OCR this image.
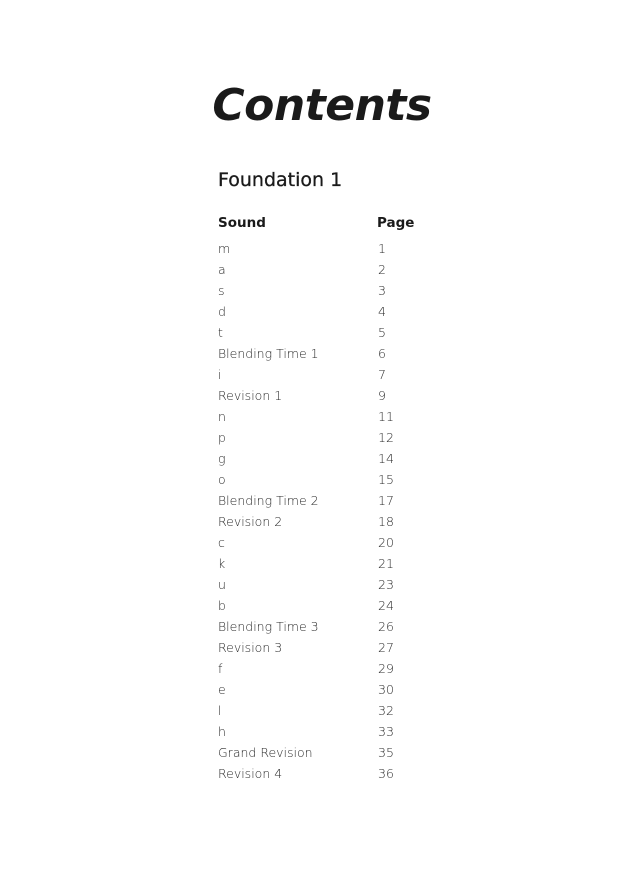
Contents
Foundation 1
Sound	Page
m	1
a	2
s	3
d	4
t	5
Blending Time 1	6
i	7
Revision 1	9
n	11
p	12
g	14
o	15
Blending Time 2	17
Revision 2	18
c	20
k	21
u	23
b	24
Blending Time 3	26
Revision 3	27
f	29
e	30
l	32
h	33
Grand Revision	35
Revision 4	36
